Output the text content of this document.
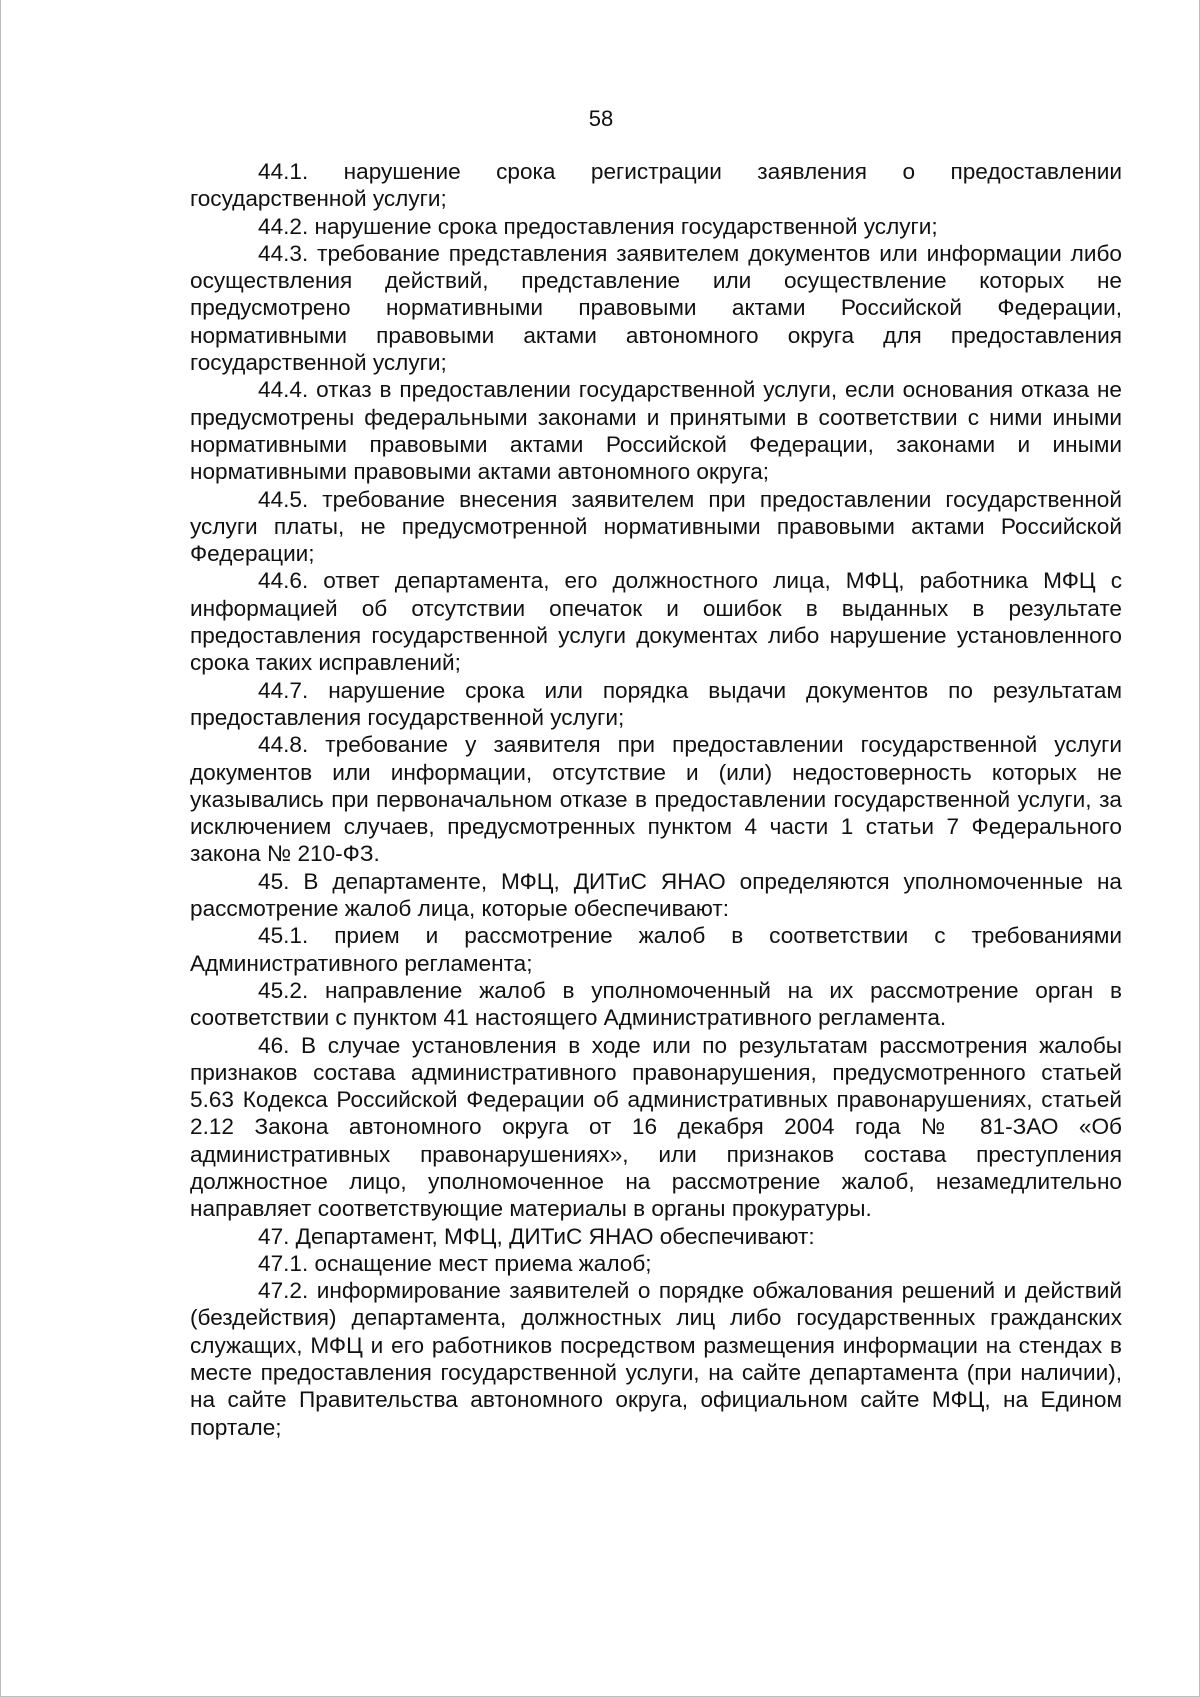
58

44.1. нарушение срока регистрации заявления о предоставлении государственной услуги;

44.2. нарушение срока предоставления государственной услуги;

44.3. требование представления заявителем документов или информации либо осуществления действий, представление или осуществление которых не предусмотрено нормативными правовыми актами Российской Федерации, нормативными правовыми актами автономного округа для предоставления государственной услуги;

44.4. отказ в предоставлении государственной услуги, если основания отказа не предусмотрены федеральными законами и принятыми в соответствии с ними иными нормативными правовыми актами Российской Федерации, законами и иными нормативными правовыми актами автономного округа;

44.5. требование внесения заявителем при предоставлении государственной услуги платы, не предусмотренной нормативными правовыми актами Российской Федерации;

44.6. ответ департамента, его должностного лица, МФЦ, работника МФЦ с информацией об отсутствии опечаток и ошибок в выданных в результате предоставления государственной услуги документах либо нарушение установленного срока таких исправлений;

44.7. нарушение срока или порядка выдачи документов по результатам предоставления государственной услуги;

44.8. требование у заявителя при предоставлении государственной услуги документов или информации, отсутствие и (или) недостоверность которых не указывались при первоначальном отказе в предоставлении государственной услуги, за исключением случаев, предусмотренных пунктом 4 части 1 статьи 7 Федерального закона № 210-ФЗ.

45. В департаменте, МФЦ, ДИТиС ЯНАО определяются уполномоченные на рассмотрение жалоб лица, которые обеспечивают:

45.1. прием и рассмотрение жалоб в соответствии с требованиями Административного регламента;

45.2. направление жалоб в уполномоченный на их рассмотрение орган в соответствии с пунктом 41 настоящего Административного регламента.

46. В случае установления в ходе или по результатам рассмотрения жалобы признаков состава административного правонарушения, предусмотренного статьей 5.63 Кодекса Российской Федерации об административных правонарушениях, статьей 2.12 Закона автономного округа от 16 декабря 2004 года № 81-ЗАО «Об административных правонарушениях», или признаков состава преступления должностное лицо, уполномоченное на рассмотрение жалоб, незамедлительно направляет соответствующие материалы в органы прокуратуры.

47. Департамент, МФЦ, ДИТиС ЯНАО обеспечивают:

47.1. оснащение мест приема жалоб;

47.2. информирование заявителей о порядке обжалования решений и действий (бездействия) департамента, должностных лиц либо государственных гражданских служащих, МФЦ и его работников посредством размещения информации на стендах в месте предоставления государственной услуги, на сайте департамента (при наличии), на сайте Правительства автономного округа, официальном сайте МФЦ, на Едином портале;
